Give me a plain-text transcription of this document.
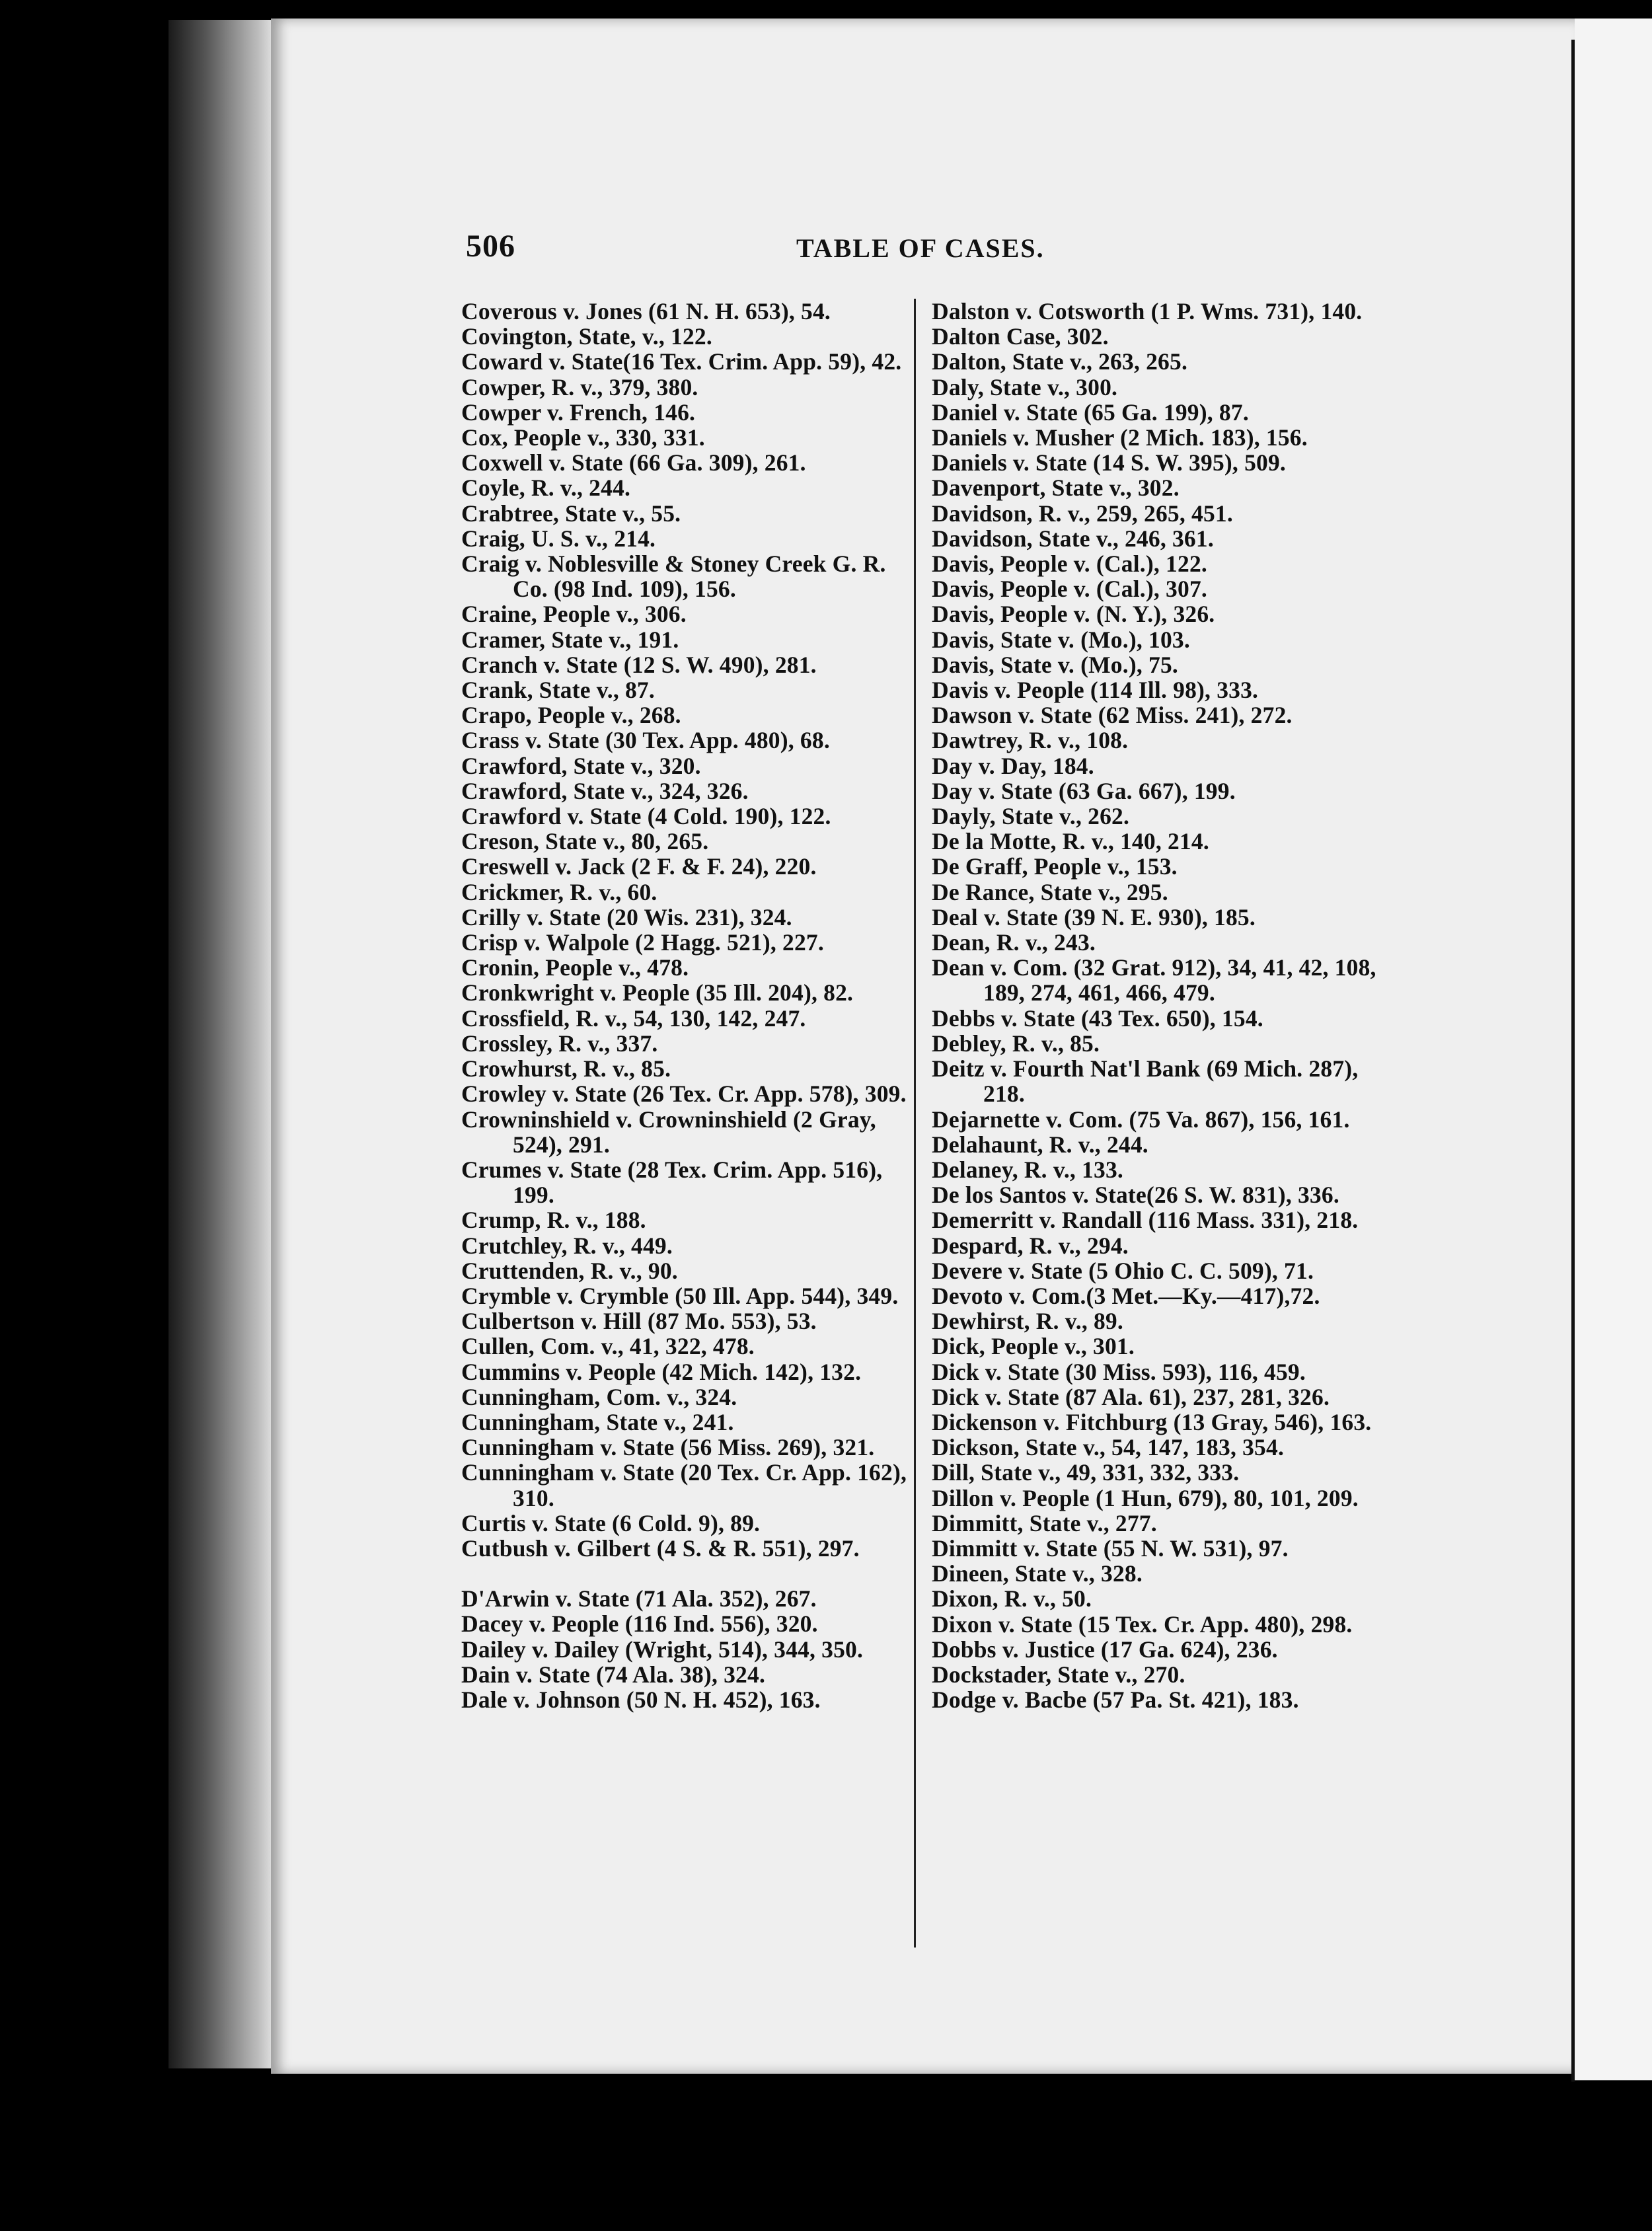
506	TABLE OF CASES.

Coverous v. Jones (61 N. H. 653), 54.

Covington, State, v., 122.

Coward v. State(16 Tex. Crim. App. 59), 42.

Cowper, R. v., 379, 380.

Cowper v. French, 146.

Cox, People v., 330, 331.

Coxwell v. State (66 Ga. 309), 261.

Coyle, R. v., 244.

Crabtree, State v., 55.

Craig, U. S. v., 214.

Craig v. Noblesville & Stoney Creek G. R. Co. (98 Ind. 109), 156.

Craine, People v., 306.

Cramer, State v., 191.

Cranch v. State (12 S. W. 490), 281.

Crank, State v., 87.

Crapo, People v., 268.

Crass v. State (30 Tex. App. 480), 68.

Crawford, State v., 320.

Crawford, State v., 324, 326.

Crawford v. State (4 Cold. 190), 122.

Creson, State v., 80, 265.

Creswell v. Jack (2 F. & F. 24), 220.

Crickmer, R. v., 60.

Crilly v. State (20 Wis. 231), 324.

Crisp v. Walpole (2 Hagg. 521), 227.

Cronin, People v., 478.

Cronkwright v. People (35 Ill. 204), 82.

Crossfield, R. v., 54, 130, 142, 247.

Crossley, R. v., 337.

Crowhurst, R. v., 85.

Crowley v. State (26 Tex. Cr. App. 578), 309.

Crowninshield v. Crowninshield (2 Gray, 524), 291.

Crumes v. State (28 Tex. Crim. App. 516), 199.

Crump, R. v., 188.

Crutchley, R. v., 449.

Cruttenden, R. v., 90.

Crymble v. Crymble (50 Ill. App. 544), 349.

Culbertson v. Hill (87 Mo. 553), 53.

Cullen, Com. v., 41, 322, 478.

Cummins v. People (42 Mich. 142), 132.

Cunningham, Com. v., 324.

Cunningham, State v., 241.

Cunningham v. State (56 Miss. 269), 321.

Cunningham v. State (20 Tex. Cr. App. 162), 310.

Curtis v. State (6 Cold. 9), 89.

Cutbush v. Gilbert (4 S. & R. 551), 297.

D'Arwin v. State (71 Ala. 352), 267.

Dacey v. People (116 Ind. 556), 320.

Dailey v. Dailey (Wright, 514), 344, 350.

Dain v. State (74 Ala. 38), 324.

Dale v. Johnson (50 N. H. 452), 163.

Dalston v. Cotsworth (1 P. Wms. 731), 140.

Dalton Case, 302.

Dalton, State v., 263, 265.

Daly, State v., 300.

Daniel v. State (65 Ga. 199), 87.

Daniels v. Musher (2 Mich. 183), 156.

Daniels v. State (14 S. W. 395), 509.

Davenport, State v., 302.

Davidson, R. v., 259, 265, 451.

Davidson, State v., 246, 361.

Davis, People v. (Cal.), 122.

Davis, People v. (Cal.), 307.

Davis, People v. (N. Y.), 326.

Davis, State v. (Mo.), 103.

Davis, State v. (Mo.), 75.

Davis v. People (114 Ill. 98), 333.

Dawson v. State (62 Miss. 241), 272.

Dawtrey, R. v., 108.

Day v. Day, 184.

Day v. State (63 Ga. 667), 199.

Dayly, State v., 262.

De la Motte, R. v., 140, 214.

De Graff, People v., 153.

De Rance, State v., 295.

Deal v. State (39 N. E. 930), 185.

Dean, R. v., 243.

Dean v. Com. (32 Grat. 912), 34, 41, 42, 108, 189, 274, 461, 466, 479.

Debbs v. State (43 Tex. 650), 154.

Debley, R. v., 85.

Deitz v. Fourth Nat'l Bank (69 Mich. 287), 218.

Dejarnette v. Com. (75 Va. 867), 156, 161.

Delahaunt, R. v., 244.

Delaney, R. v., 133.

De los Santos v. State(26 S. W. 831), 336.

Demerritt v. Randall (116 Mass. 331), 218.

Despard, R. v., 294.

Devere v. State (5 Ohio C. C. 509), 71.

Devoto v. Com.(3 Met.—Ky.—417),72.

Dewhirst, R. v., 89.

Dick, People v., 301.

Dick v. State (30 Miss. 593), 116, 459.

Dick v. State (87 Ala. 61), 237, 281, 326.

Dickenson v. Fitchburg (13 Gray, 546), 163.

Dickson, State v., 54, 147, 183, 354.

Dill, State v., 49, 331, 332, 333.

Dillon v. People (1 Hun, 679), 80, 101, 209.

Dimmitt, State v., 277.

Dimmitt v. State (55 N. W. 531), 97.

Dineen, State v., 328.

Dixon, R. v., 50.

Dixon v. State (15 Tex. Cr. App. 480), 298.

Dobbs v. Justice (17 Ga. 624), 236.

Dockstader, State v., 270.

Dodge v. Bacbe (57 Pa. St. 421), 183.
